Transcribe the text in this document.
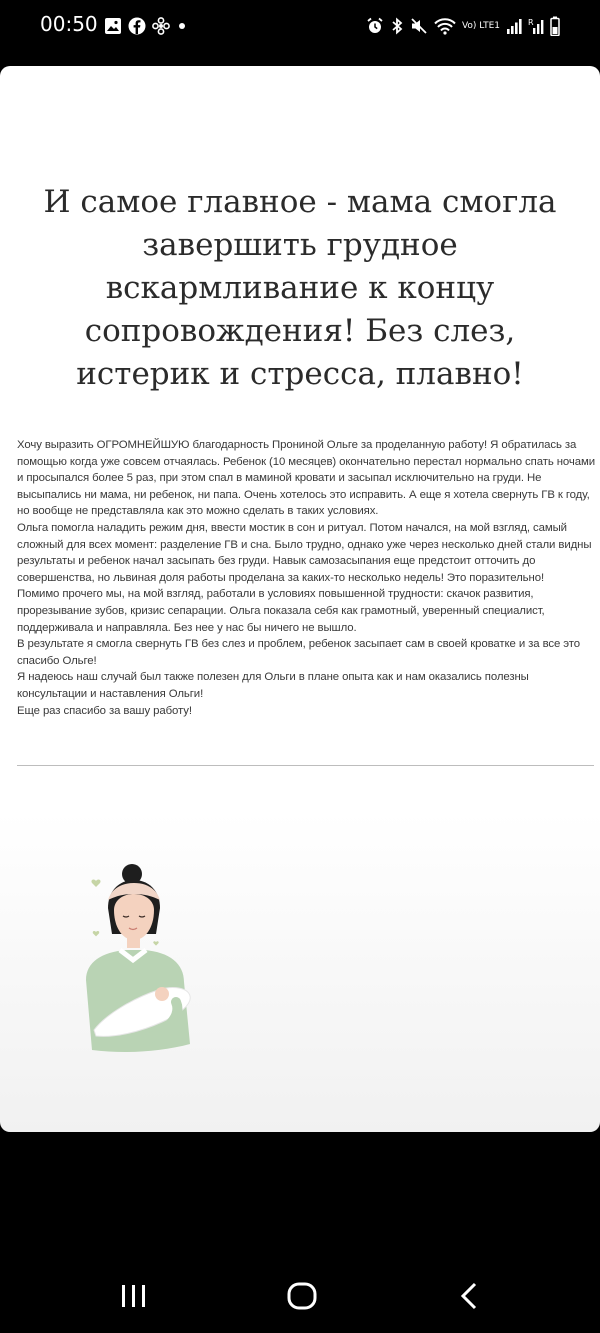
00:50	Vo) LTE1	R
И самое главное - мама смогла завершить грудное вскармливание к концу сопровождения! Без слез, истерик и стресса, плавно!

Хочу выразить ОГРОМНЕЙШУЮ благодарность Прониной Ольге за проделанную работу! Я обратилась за помощью когда уже совсем отчаялась. Ребенок (10 месяцев) окончательно перестал нормально спать ночами и просыпался более 5 раз, при этом спал в маминой кровати и засыпал исключительно на груди. Не высыпались ни мама, ни ребенок, ни папа. Очень хотелось это исправить. А еще я хотела свернуть ГВ к году, но вообще не представляла как это можно сделать в таких условиях.

Ольга помогла наладить режим дня, ввести мостик в сон и ритуал. Потом начался, на мой взгляд, самый сложный для всех момент: разделение ГВ и сна. Было трудно, однако уже через несколько дней стали видны результаты и ребенок начал засыпать без груди. Навык самозасыпания еще предстоит отточить до совершенства, но львиная доля работы проделана за каких-то несколько недель! Это поразительно!

Помимо прочего мы, на мой взгляд, работали в условиях повышенной трудности: скачок развития, прорезывание зубов, кризис сепарации. Ольга показала себя как грамотный, уверенный специалист, поддерживала и направляла. Без нее у нас бы ничего не вышло.

В результате я смогла свернуть ГВ без слез и проблем, ребенок засыпает сам в своей кроватке и за все это спасибо Ольге!

Я надеюсь наш случай был также полезен для Ольги в плане опыта как и нам оказались полезны консультации и наставления Ольги!

Еще раз спасибо за вашу работу!
